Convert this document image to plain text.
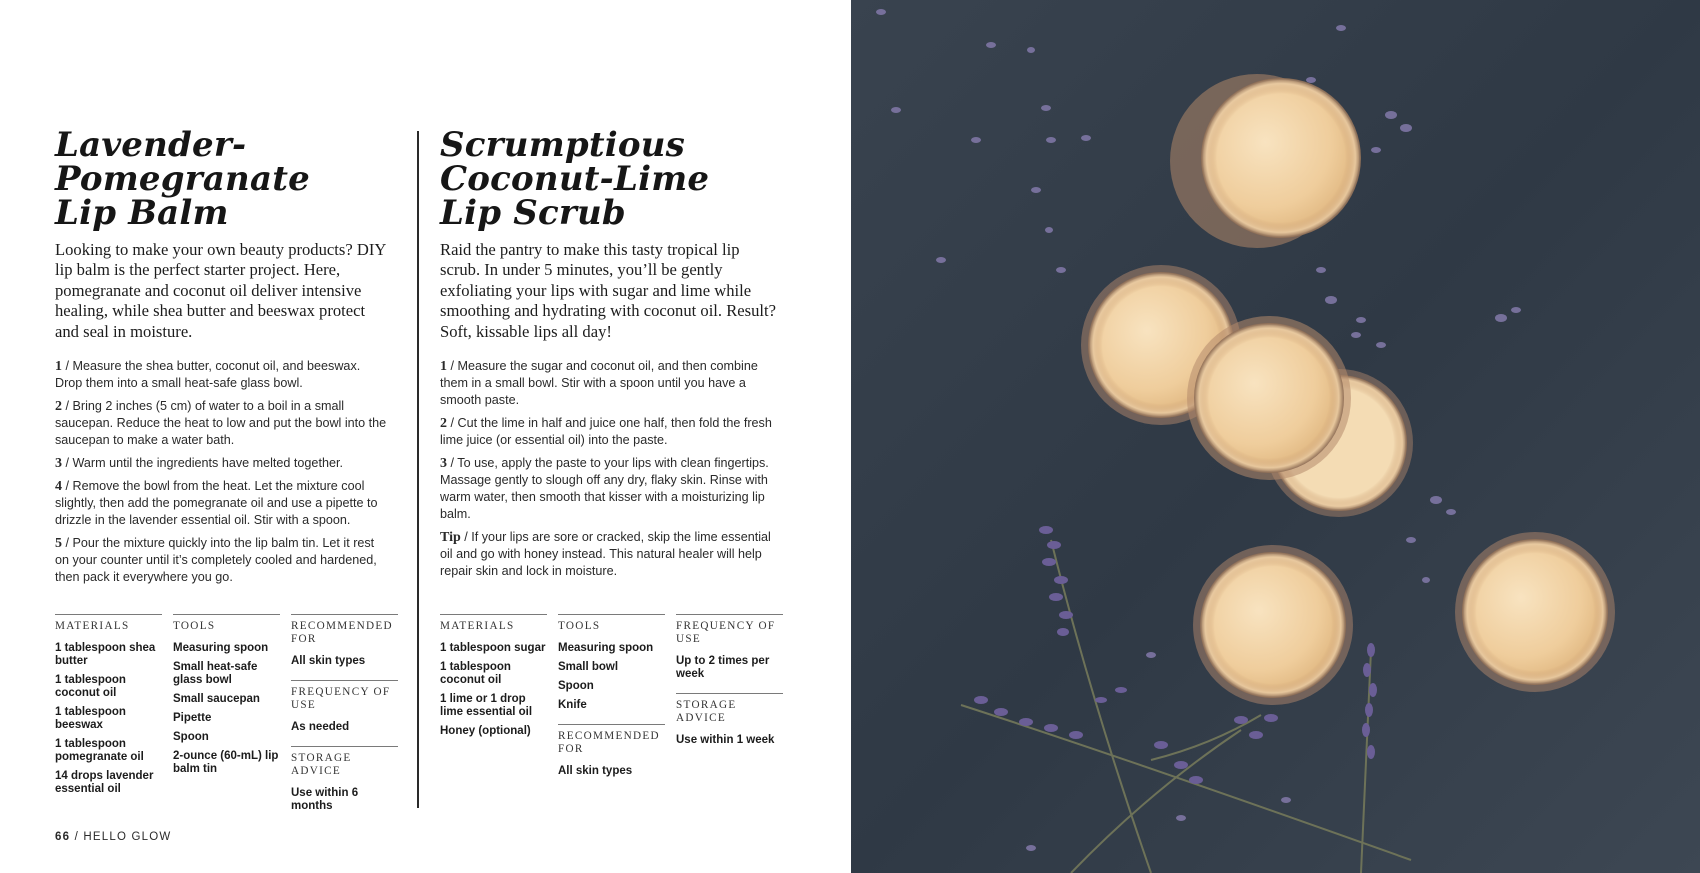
Lavender-
Pomegranate
Lip Balm

Looking to make your own beauty products? DIY lip balm is the perfect starter project. Here, pomegranate and coconut oil deliver intensive healing, while shea butter and beeswax protect and seal in moisture.

1 / Measure the shea butter, coconut oil, and beeswax. Drop them into a small heat-safe glass bowl.

2 / Bring 2 inches (5 cm) of water to a boil in a small saucepan. Reduce the heat to low and put the bowl into the saucepan to make a water bath.

3 / Warm until the ingredients have melted together.

4 / Remove the bowl from the heat. Let the mixture cool slightly, then add the pomegranate oil and use a pipette to drizzle in the lavender essential oil. Stir with a spoon.

5 / Pour the mixture quickly into the lip balm tin. Let it rest on your counter until it’s completely cooled and hardened, then pack it everywhere you go.

MATERIALS
1 tablespoon shea butter
1 tablespoon coconut oil
1 tablespoon beeswax
1 tablespoon pomegranate oil
14 drops lavender essential oil
TOOLS
Measuring spoon
Small heat-safe glass bowl
Small saucepan
Pipette
Spoon
2-ounce (60-mL) lip balm tin
RECOMMENDED FOR
All skin types
FREQUENCY OF USE
As needed
STORAGE ADVICE
Use within 6 months
Scrumptious
Coconut-Lime
Lip Scrub

Raid the pantry to make this tasty tropical lip scrub. In under 5 minutes, you’ll be gently exfoliating your lips with sugar and lime while smoothing and hydrating with coconut oil. Result? Soft, kissable lips all day!

1 / Measure the sugar and coconut oil, and then combine them in a small bowl. Stir with a spoon until you have a smooth paste.

2 / Cut the lime in half and juice one half, then fold the fresh lime juice (or essential oil) into the paste.

3 / To use, apply the paste to your lips with clean fingertips. Massage gently to slough off any dry, flaky skin. Rinse with warm water, then smooth that kisser with a moisturizing lip balm.

Tip / If your lips are sore or cracked, skip the lime essential oil and go with honey instead. This natural healer will help repair skin and lock in moisture.

MATERIALS
1 tablespoon sugar
1 tablespoon coconut oil
1 lime or 1 drop lime essential oil
Honey (optional)
TOOLS
Measuring spoon
Small bowl
Spoon
Knife
RECOMMENDED FOR
All skin types
FREQUENCY OF USE
Up to 2 times per week
STORAGE ADVICE
Use within 1 week
66 / HELLO GLOW
